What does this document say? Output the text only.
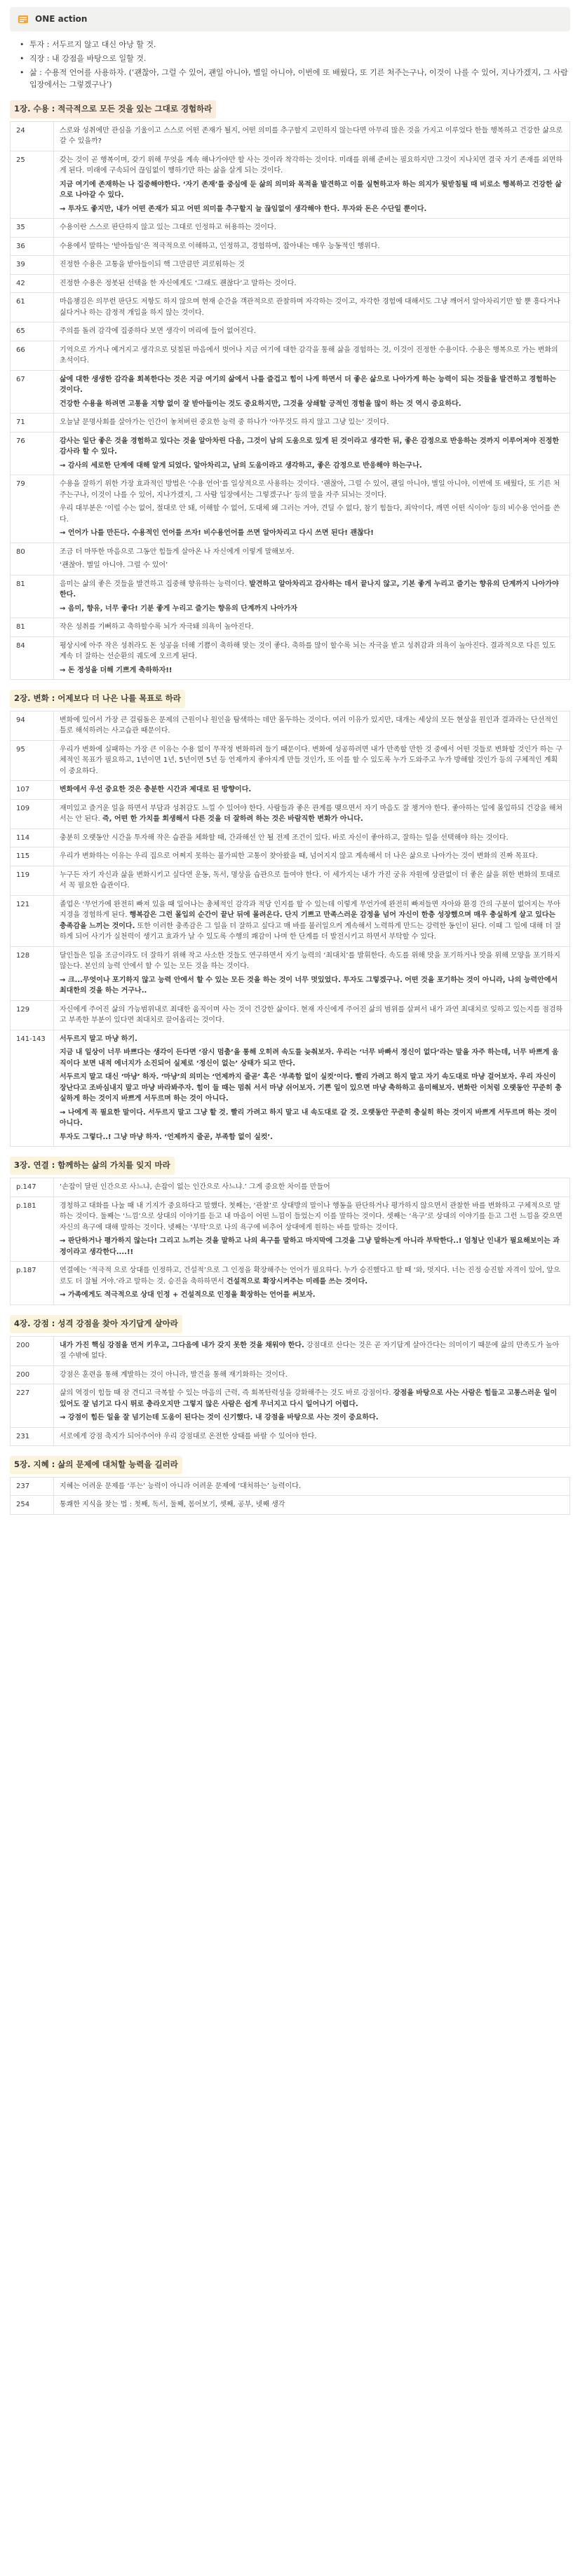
ONE action
• 투자 : 서두르지 않고 대신 아낭 할 것.
• 직장 : 내 강점을 바탕으로 일할 것.
• 삶 : 수용적 언어를 사용하자. (‘괜찮아, 그럴 수 있어, 괜일 아니야, 별일 아니야, 이번에 또 배웠다, 또 기른 처주는구나, 이것이 나를 수 있어, 지나가겠지, 그 사람 입장에서는 그렇겠구나’)
1장. 수용 : 적극적으로 모든 것을 있는 그대로 경험하라
24	스로와 성취에만 관심을 기울이고 스스로 어떤 존재가 될지, 어떤 의미를 추구할지 고민하지 않는다면 아무리 많은 것을 가지고 이루었다 한들 행복하고 건강한 삶으로 갈 수 있을까?

25	갖는 것이 곧 행복이며, 갖기 위해 무엇을 계속 해나가야만 할 사는 것이라 착각하는 것이다. 미래를 위해 준비는 필요하지만 그것이 지나치면 결국 자기 존재를 외면하게 된다. 미래에 구속되어 끊임없이 행하기만 하는 삶을 살게 되는 것이다.
지금 여기에 존재하는 나 집중해야한다. ‘자기 존재’를 중심에 둔 삶의 의미와 목적을 발견하고 이를 실현하고자 하는 의지가 뒷받침될 때 비로소 행복하고 건강한 삶으로 나아갈 수 있다.
→ 투자도 좋지만, 내가 어떤 존재가 되고 어떤 의미를 추구할지 늘 끊임없이 생각해야 한다. 투자와 돈은 수단일 뿐이다.

35	수용이란 스스로 판단하지 않고 있는 그대로 인정하고 허용하는 것이다.

36	수용에서 말하는 ‘받아들임’은 적극적으로 이해하고, 인정하고, 경험하며, 잡아내는 매우 능동적인 행위다.

39	진정한 수용은 고통을 받아들이되 핵 그만큼만 괴로워하는 것

42	진정한 수용은 정봇된 선택을 한 자신에게도 ‘그래도 괜찮다’고 말하는 것이다.

61	마음챙김은 의무런 판단도 저항도 하지 않으며 현재 순간을 객관적으로 관찰하며 자각하는 것이고, 자각한 경험에 대해서도 그냥 깨어서 알아차리기만 할 뿐 흥다거나 싫다거나 하는 감정적 개입을 하지 않는 것이다.

65	주의를 돌려 감각에 집중하다 보면 생각이 머리에 들어 없어진다.

66	기억으로 가거나 예거지고 생각으로 덧칠된 마음에서 벗어나 지금 여기에 대한 감각을 통해 삶을 경험하는 것, 이것이 진정한 수용이다. 수용은 행복으로 가는 변화의 초석이다.

67	삶에 대한 생생한 감각을 회복한다는 것은 지금 여기의 삶에서 나를 즐겁고 힘이 나게 하면서 더 좋은 삶으로 나아가게 하는 능력이 되는 것들을 발견하고 경험하는 것이다.
건강한 수용을 하려면 고통을 지향 없이 잘 받아들이는 것도 중요하지만, 그것을 상쇄할 긍적인 경험을 많이 하는 것 역시 중요하다.

71	오늘날 문명사회를 살아가는 인간이 놓쳐버린 중요한 능력 중 하나가 ‘아무것도 하지 않고 그냥 있는’ 것이다.

76	감사는 일단 좋은 것을 경험하고 있다는 것을 알아차린 다음, 그것이 남의 도움으로 있게 된 것이라고 생각한 뒤, 좋은 감정으로 반응하는 것까지 이루어져야 진정한 감사라 할 수 있다.
→ 감사의 세로한 단계에 대해 알게 되었다. 알아차리고, 남의 도움이라고 생각하고, 좋은 감정으로 반응해야 하는구나.

79	수용을 잘하기 위한 가장 효과적인 방법은 ‘수용 언어’를 일상적으로 사용하는 것이다. ‘괜찮아, 그럴 수 있어, 괜일 아니야, 별일 아니야, 이번에 또 배웠다, 또 기른 처주는구나, 이것이 나를 수 있어, 지나가겠지, 그 사람 입장에서는 그렇겠구나’ 등의 말을 자주 되뇌는 것이다.
우리 대부분은 ‘이럴 수는 없어, 절대로 안 돼, 이해할 수 없어, 도대체 왜 그러는 거야, 견딜 수 없다, 참기 힘들다, 죄악이다, 깨면 어떤 식이야’ 등의 비수용 언어를 쓴다.
→ 언어가 나를 만든다. 수용적인 언어를 쓰자! 비수용언어를 쓰면 알아차리고 다시 쓰면 된다! 괜찮다!

80	조금 더 마뚜한 마음으로 그동안 힘들게 살아온 나 자신에게 이렇게 말해보자.
‘괜찮아. 별일 아니야. 그럴 수 있어’

81	음미는 삶의 좋은 것들을 발견하고 집중해 향유하는 능력이다. 발견하고 알아차리고 감사하는 데서 끝나지 않고, 기본 좋게 누리고 즐기는 향유의 단계까지 나아가야 한다.
→ 음미, 향유, 너무 좋다! 기분 좋게 누리고 즐기는 향유의 단계까지 나아가자

81	작은 성취를 기뻐하고 축하할수록 뇌가 자극돼 의욕이 높아진다.

84	평상시에 아주 작은 성취라도 돈 성공을 더해 기쁨이 축하해 맞는 것이 좋다. 축하를 많이 할수록 뇌는 자극을 받고 성취감과 의욕이 높아진다. 결과적으로 다른 있도 계속 더 잘하는 선순환의 궤도에 오르게 된다.
→ 돈 정성을 더해 기쁘게 축하하자!!
2장. 변화 : 어제보다 더 나은 나를 목표로 하라
94	변화에 있어서 가장 큰 걸림돌은 문제의 근원이나 원인을 탐색하는 데만 몰두하는 것이다. 여러 이유가 있지만, 대개는 세상의 모든 현상을 원인과 결과라는 단선적인 틀로 해석하려는 사고습관 때문이다.

95	우리가 변화에 실패하는 가장 큰 이유는 수용 없이 무작정 변화하려 들기 때문이다. 변화에 성공하려면 내가 만족할 만한 것 중에서 어떤 것들로 변화할 것인가 하는 구체적인 목표가 필요하고, 1년이면 1년, 5년이면 5년 등 언제까지 좋아지게 만들 것인가, 또 이를 할 수 있도록 누가 도와주고 누가 방해할 것인가 등의 구체적인 계획이 중요하다.

107	변화에서 우선 중요한 것은 충분한 시간과 제대로 된 방향이다.

109	재미있고 즐거운 일을 하면서 부담과 성취감도 느낄 수 있어야 한다. 사람들과 좋은 관계를 맺으면서 자기 마음도 잘 챙겨야 한다. 좋아하는 일에 몰입하되 건강을 해쳐서는 안 된다. 즉, 어떤 한 가치를 회생해서 다른 것을 더 잘하려 하는 것은 바람직한 변화가 아니다.

114	충분히 오랫동안 시간을 투자해 작은 습관을 체화할 때, 간과해선 안 될 전제 조건이 있다. 바로 자신이 좋아하고, 잘하는 일을 선택해야 하는 것이다.

115	우리가 변화하는 이유는 우리 집으로 어쩌지 못하는 불가피한 고통이 찾아왔을 때, 넘어지지 않고 계속해서 더 나은 삶으로 나아가는 것이 변화의 진짜 목표다.

119	누구든 자기 자신과 삶을 변화시키고 싶다면 운동, 독서, 명상을 습관으로 들여야 한다. 이 세가지는 내가 가진 궁유 자원에 상관없이 더 좋은 삶을 위한 변화의 토대로서 꼭 필요한 습관이다.

121	졸업은 ‘무언가에 완전히 빠져 있을 때 일어나는 총체적인 감각과 적당 인지를 할 수 있는데 이렇게 무언가에 완전히 빠져들면 자아와 환경 간의 구분이 없어지는 무아지경을 경험하게 된다. 행복감은 그런 몰입의 순간이 끝난 뒤에 몰려온다. 단지 기쁘고 만족스러운 감정을 넘어 자신이 한층 성장했으며 매우 충실하게 살고 있다는 충족감을 느끼는 것이다. 또한 이러한 충족감은 그 일을 더 잘하고 싶다고 매 바를 불러일으켜 계속해서 노력하게 만드는 강력한 동인이 된다. 이때 그 일에 대해 더 잘하게 되어 사기가 실천력이 생기고 효과가 날 수 있도록 수행의 쾌감이 나며 한 단계를 더 발전시키고 하면서 부탁할 수 있다.

128	달인들은 일을 조금이라도 더 잘하기 위해 작고 사소한 것들도 연구하면서 자기 능력의 ‘최대치’를 발휘한다. 속도를 위해 맛을 포기하거나 맛을 위해 모양을 포기하지 않는다. 본인의 능력 안에서 할 수 있는 모든 것을 하는 것이다.
→ 크...무엇이나 포기하지 않고 능력 안에서 할 수 있는 모든 것을 하는 것이 너무 멋있었다. 투자도 그렇겠구나. 어떤 것을 포기하는 것이 아니라, 나의 능력안에서 최대한의 것을 하는 거구나..

129	자신에게 주어진 삶의 가능범위내로 최대한 움직이며 사는 것이 건강한 삶이다. 현재 자신에게 주어진 삶의 범위를 살펴서 내가 과연 최대치로 잊하고 있는지를 점검하고 부족한 부분이 있다면 최대치로 끌어올리는 것이다.

141-143	서두르지 말고 마냥 하기.
지금 내 일상이 너무 바쁘다는 생각이 든다면 ‘잠시 멈춤’을 통해 오히려 속도를 늦춰보자. 우리는 ‘너무 바빠서 정신이 없다’라는 말을 자주 하는데, 너무 바쁘게 움직이다 보면 내적 에너지가 소진되어 실제로 ‘정신이 없는’ 상태가 되고 만다.
서두르지 말고 대신 ‘마냥’ 하자. ‘마냥’의 의미는 ‘언제까지 줄곧’ 혹은 ‘부족함 없이 실컷’이다. 빨리 가려고 하지 말고 자기 속도대로 마냥 걸어보자. 우리 자신이 장난다고 조바심내지 말고 마냥 바라봐주자. 힘이 들 때는 멈춰 서서 마냥 쉬어보자. 기쁜 일이 있으면 마냥 축하하고 음미해보자. 변화란 이처럼 오랫동안 꾸준히 충실하게 하는 것이지 바쁘게 서두르며 하는 것이 아니다.
→ 나에게 꼭 필요한 말이다. 서두르지 말고 그냥 할 것. 빨리 가려고 하지 말고 내 속도대로 갈 것. 오랫동안 꾸준히 충실히 하는 것이지 바쁘게 서두르며 하는 것이 아니다.
투자도 그렇다..! 그냥 마냥 하자. ‘언제까지 줄곧, 부족함 없이 실컷’.
3장. 연결 : 함께하는 삶의 가치를 잊지 마라
p.147	‘손잡이 달린 인간으로 사느냐, 손잡이 없는 인간으로 사느냐.’ 그게 중요한 차이를 만들어

p.181	경청하고 대화를 나눌 때 내 기지가 중요하다고 말했다. 첫째는, ‘관찰’로 상대방의 말이나 행동을 판단하거나 평가하지 않으면서 관찰한 바를 변화하고 구체적으로 말하는 것이다. 둘째는 ‘느낌’으로 상대의 이야기를 듣고 내 마음이 어떤 느낌이 들었는지 이를 말하는 것이다. 셋째는 ‘욕구’로 상대의 이야기를 듣고 그런 느낌을 갖으면 자신의 욕구에 대해 말하는 것이다. 넷째는 ‘부탁’으로 나의 욕구에 비추어 상대에게 원하는 바를 말하는 것이다.
→ 판단하거나 평가하지 않는다! 그리고 느끼는 것을 말하고 나의 욕구를 말하고 마지막에 그것을 그냥 말하는게 아니라 부탁한다..! 엄청난 인내가 필요해보이는 과정이라고 생각한다....!!

p.187	연결에는 ‘적극적 으로 상대를 인정하고, 건설적’으로 그 인정을 확장해주는 언어가 필요하다. 누가 승진했다고 할 때 ‘와, 멋지다. 너는 진정 승진할 자격이 있어, 앞으로도 더 잘될 거야.’라고 말하는 것. 승진을 축하하면서 건설적으로 확장시켜주는 미레를 쓰는 것이다.
→ 가족에게도 적극적으로 상대 인정 + 건설적으로 인정을 확장하는 언어를 써보자.
4장. 강점 : 성격 강점을 찾아 자기답게 살아라
200	내가 가진 핵심 강점을 먼저 키우고, 그다음에 내가 갖지 못한 것을 채워야 한다. 강점대로 산다는 것은 곧 자기답게 살아간다는 의미이기 때문에 삶의 만족도가 높아질 수밖에 없다.

200	강점은 훈련을 통해 계발하는 것이 아니라, 발견을 통해 재기화하는 것이다.

227	삶의 역경이 힘들 때 잠 견디고 극복할 수 있는 마음의 근력, 즉 회복탄력성을 강화해주는 것도 바로 강점이다. 강점을 바탕으로 사는 사람은 힘들고 고통스러운 일이 있어도 잘 넘기고 다시 뛰로 충라오지만 그렇지 않은 사람은 쉽게 무너지고 다시 일어나기 어렵다.
→ 강점이 힘든 일을 잘 넘기는데 도움이 된다는 것이 신기했다. 내 강점을 바탕으로 사는 것이 중요하다.

231	서로에게 강점 축지가 되어주어야 우리 강점대로 온전한 상태를 바랄 수 있어야 한다.
5장. 지혜 : 삶의 문제에 대처할 능력을 길러라
237	지혜는 어려운 문제를 ‘푸는’ 능력이 아니라 어려운 문제에 ‘대처하는’ 능력이다.

254	통쾌한 지식을 찾는 법 : 첫째, 독서, 둘째, 몸어보기, 셋째, 공부, 넷째 생각
